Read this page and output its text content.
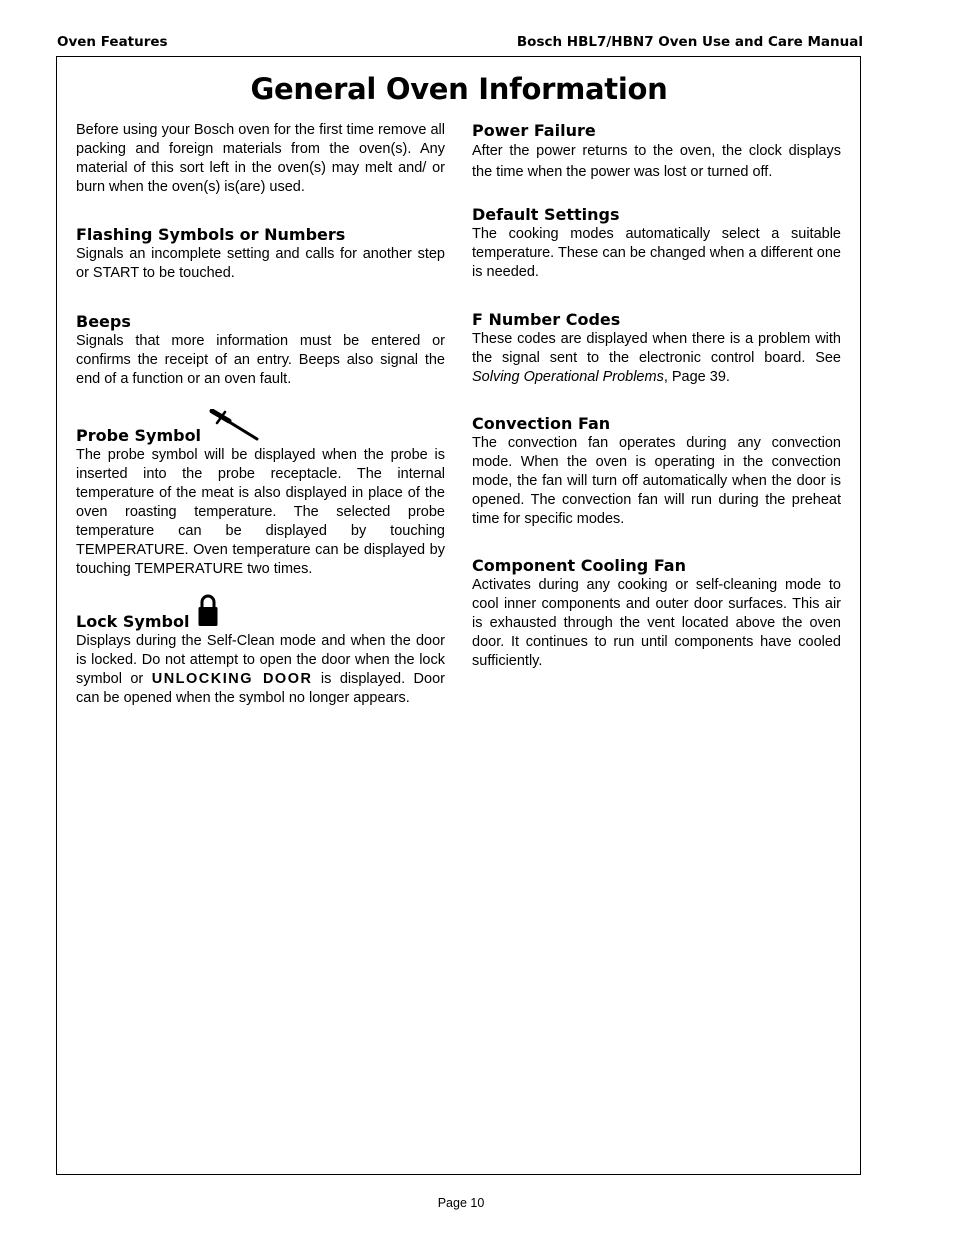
Oven Features	Bosch HBL7/HBN7 Oven Use and Care Manual
General Oven Information

Before using your Bosch oven for the first time remove all packing and foreign materials from the oven(s). Any material of this sort left in the oven(s) may melt and/ or burn when the oven(s) is(are) used.

Flashing Symbols or Numbers

Signals an incomplete setting and calls for another step or START to be touched.

Beeps

Signals that more information must be entered or confirms the receipt of an entry. Beeps also signal the end of a function or an oven fault.

Probe Symbol

The probe symbol will be displayed when the probe is inserted into the probe receptacle. The internal temperature of the meat is also displayed in place of the oven roasting temperature. The selected probe temperature can be displayed by touching TEMPERATURE. Oven temperature can be displayed by touching TEMPERATURE two times.

Lock Symbol

Displays during the Self-Clean mode and when the door is locked. Do not attempt to open the door when the lock symbol or UNLOCKING DOOR is displayed. Door can be opened when the symbol no longer appears.

Power Failure

After the power returns to the oven, the clock displays the time when the power was lost or turned off.

Default Settings

The cooking modes automatically select a suitable temperature. These can be changed when a different one is needed.

F Number Codes

These codes are displayed when there is a problem with the signal sent to the electronic control board. See Solving Operational Problems, Page 39.

Convection Fan

The convection fan operates during any convection mode. When the oven is operating in the convection mode, the fan will turn off automatically when the door is opened. The convection fan will run during the preheat time for specific modes.

Component Cooling Fan

Activates during any cooking or self-cleaning mode to cool inner components and outer door surfaces. This air is exhausted through the vent located above the oven door. It continues to run until components have cooled sufficiently.

Page 10
